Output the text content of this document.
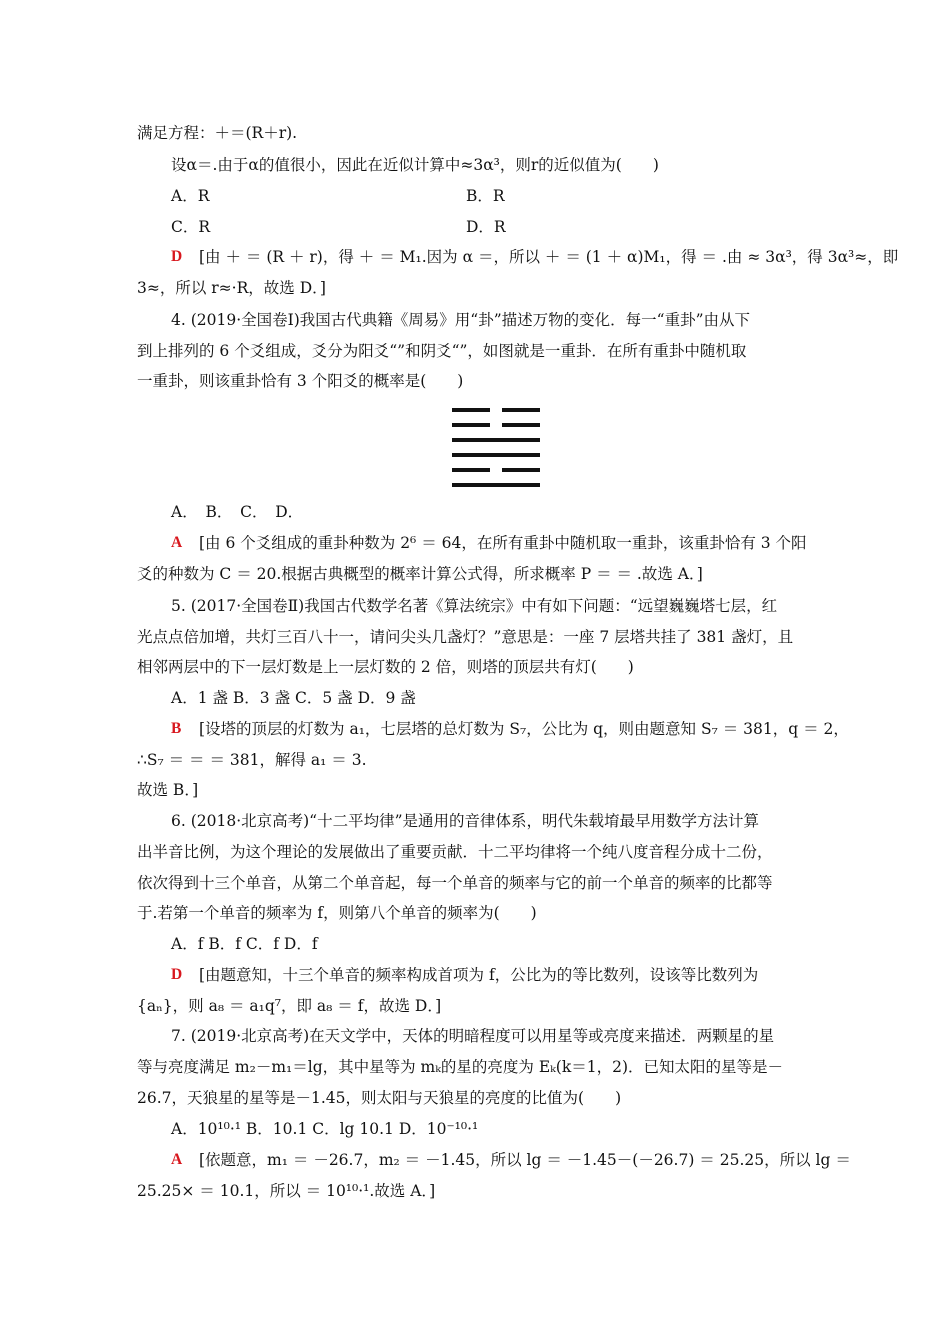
满足方程：＋＝(R＋r).
设α＝.由于α的值很小，因此在近似计算中≈3α³，则r的近似值为(　　)
A．R	B．R
C．R	D．R
D [由 ＋ ＝ (R ＋ r)，得 ＋ ＝ M₁.因为 α ＝，所以 ＋ ＝ (1 ＋ α)M₁，得 ＝ .由 ≈ 3α³，得 3α³≈，即
3≈，所以 r≈·R，故选 D．]
4. (2019·全国卷Ⅰ)我国古代典籍《周易》用“卦”描述万物的变化．每一“重卦”由从下
到上排列的 6 个爻组成，爻分为阳爻“”和阴爻“”，如图就是一重卦．在所有重卦中随机取
一重卦，则该重卦恰有 3 个阳爻的概率是(　　)
A．　B．　C．　D．
A [由 6 个爻组成的重卦种数为 2⁶ ＝ 64，在所有重卦中随机取一重卦，该重卦恰有 3 个阳
爻的种数为 C ＝ 20.根据古典概型的概率计算公式得，所求概率 P ＝ ＝ .故选 A．]
5. (2017·全国卷Ⅱ)我国古代数学名著《算法统宗》中有如下问题：“远望巍巍塔七层，红
光点点倍加增，共灯三百八十一，请问尖头几盏灯？”意思是：一座 7 层塔共挂了 381 盏灯，且
相邻两层中的下一层灯数是上一层灯数的 2 倍，则塔的顶层共有灯(　　)
A．1 盏 B．3 盏 C．5 盏 D．9 盏
B [设塔的顶层的灯数为 a₁，七层塔的总灯数为 S₇，公比为 q，则由题意知 S₇ ＝ 381，q ＝ 2，
∴S₇ ＝ ＝ ＝ 381，解得 a₁ ＝ 3.
故选 B．]
6. (2018·北京高考)“十二平均律”是通用的音律体系，明代朱载堉最早用数学方法计算
出半音比例，为这个理论的发展做出了重要贡献．十二平均律将一个纯八度音程分成十二份，
依次得到十三个单音，从第二个单音起，每一个单音的频率与它的前一个单音的频率的比都等
于.若第一个单音的频率为 f，则第八个单音的频率为(　　)
A．f B．f C．f D．f
D [由题意知，十三个单音的频率构成首项为 f，公比为的等比数列，设该等比数列为
{aₙ}，则 a₈ ＝ a₁q⁷，即 a₈ ＝ f，故选 D．]
7. (2019·北京高考)在天文学中，天体的明暗程度可以用星等或亮度来描述．两颗星的星
等与亮度满足 m₂－m₁＝lg，其中星等为 mₖ的星的亮度为 Eₖ(k＝1，2)．已知太阳的星等是－
26.7，天狼星的星等是－1.45，则太阳与天狼星的亮度的比值为(　　)
A．10¹⁰·¹ B．10.1 C．lg 10.1 D．10⁻¹⁰·¹
A [依题意，m₁ ＝ －26.7，m₂ ＝ －1.45，所以 lg ＝ －1.45－(－26.7) ＝ 25.25，所以 lg ＝
25.25× ＝ 10.1，所以 ＝ 10¹⁰·¹.故选 A．]
